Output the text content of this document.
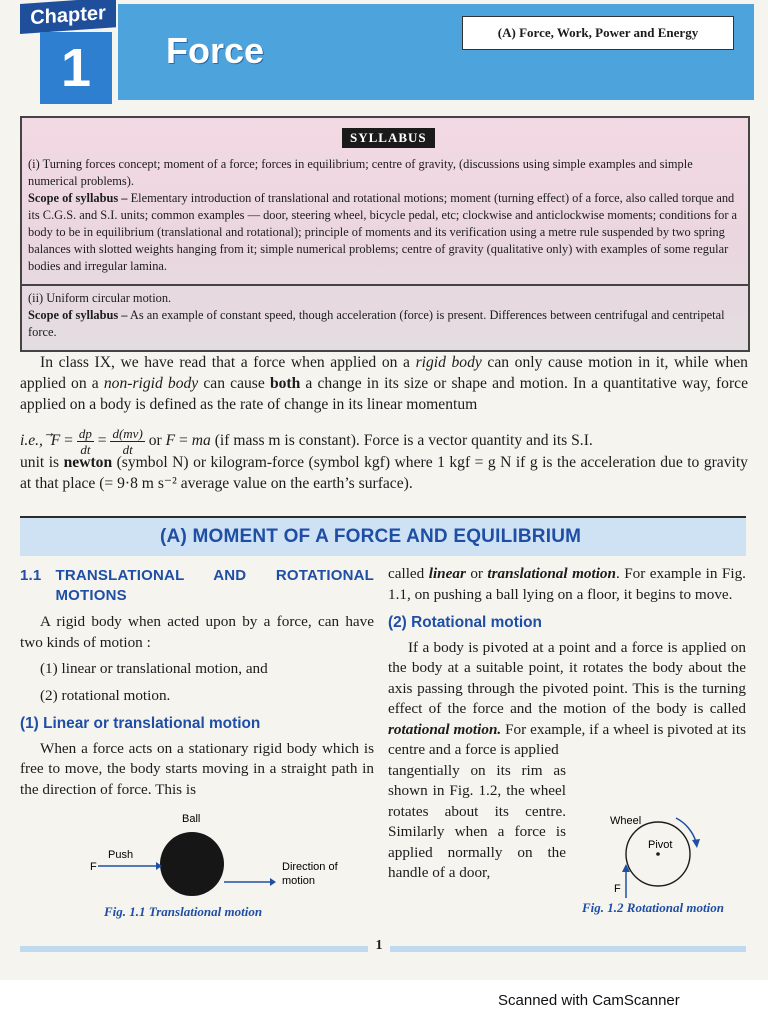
Chapter
1	Force	(A) Force, Work, Power and Energy
SYLLABUS
(i) Turning forces concept; moment of a force; forces in equilibrium; centre of gravity, (discussions using simple examples and simple numerical problems).
Scope of syllabus – Elementary introduction of translational and rotational motions; moment (turning effect) of a force, also called torque and its C.G.S. and S.I. units; common examples — door, steering wheel, bicycle pedal, etc; clockwise and anticlockwise moments; conditions for a body to be in equilibrium (translational and rotational); principle of moments and its verification using a metre rule suspended by two spring balances with slotted weights hanging from it; simple numerical problems; centre of gravity (qualitative only) with examples of some regular bodies and irregular lamina.
(ii) Uniform circular motion.
Scope of syllabus – As an example of constant speed, though acceleration (force) is present. Differences between centrifugal and centripetal force.
In class IX, we have read that a force when applied on a rigid body can only cause motion in it, while when applied on a non-rigid body can cause both a change in its size or shape and motion. In a quantitative way, force applied on a body is defined as the rate of change in its linear momentum
i.e., $F = \frac{dp}{dt} = \frac{d(mv)}{dt}$ or F = ma (if mass m is constant). Force is a vector quantity and its S.I.
unit is newton (symbol N) or kilogram-force (symbol kgf) where 1 kgf = g N if g is the acceleration due to gravity at that place (= 9·8 m s⁻² average value on the earth’s surface).
(A) MOMENT OF A FORCE AND EQUILIBRIUM
1.1 TRANSLATIONAL AND ROTATIONAL MOTIONS
A rigid body when acted upon by a force, can have two kinds of motion :
(1) linear or translational motion, and
(2) rotational motion.
(1) Linear or translational motion
When a force acts on a stationary rigid body which is free to move, the body starts moving in a straight path in the direction of force. This is
called linear or translational motion. For example in Fig. 1.1, on pushing a ball lying on a floor, it begins to move.
(2) Rotational motion
If a body is pivoted at a point and a force is applied on the body at a suitable point, it rotates the body about the axis passing through the pivoted point. This is the turning effect of the force and the motion of the body is called rotational motion. For example, if a wheel is pivoted at its centre and a force is applied
tangentially on its rim as shown in Fig. 1.2, the wheel rotates about its centre. Similarly when a force is applied normally on the handle of a door,
Ball
Push
F	Direction of
motion
Fig. 1.1 Translational motion
Wheel
Pivot
F
Fig. 1.2 Rotational motion
1
Scanned with CamScanner
